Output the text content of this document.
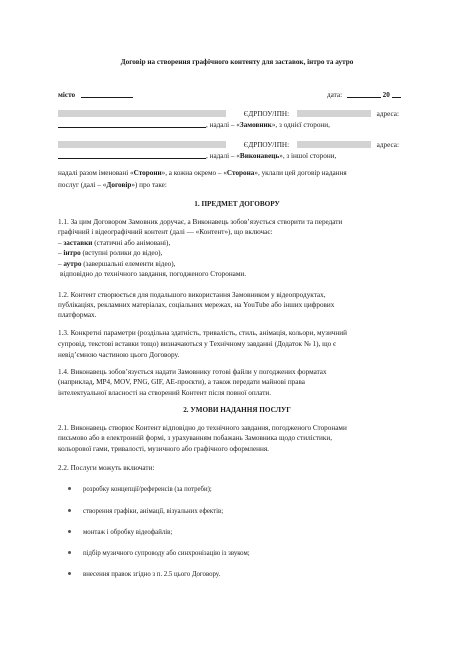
Договір на створення графічного контенту для заставок, інтро та аутро
місто	дата:	20
ЄДРПОУ/ІПН:	адреса:
, надалі – «Замовник», з однієї сторони,
ЄДРПОУ/ІПН:	адреса:
, надалі – «Виконавець», з іншої сторони,
надалі разом іменовані «Сторони», а кожна окремо – «Сторона», уклали цей договір надання
послуг (далі – «Договір») про таке:
1. ПРЕДМЕТ ДОГОВОРУ
1.1. За цим Договором Замовник доручає, а Виконавець зобов’язується створити та передати
графічний і відеографічний контент (далі — «Контент»), що включає:
– заставки (статичні або анімовані),
– інтро (вступні ролики до відео),
– аутро (завершальні елементи відео),
відповідно до технічного завдання, погодженого Сторонами.
1.2. Контент створюється для подальшого використання Замовником у відеопродуктах,
публікаціях, рекламних матеріалах, соціальних мережах, на YouTube або інших цифрових
платформах.
1.3. Конкретні параметри (роздільна здатність, тривалість, стиль, анімація, кольори, музичний
супровід, текстові вставки тощо) визначаються у Технічному завданні (Додаток № 1), що є
невід’ємною частиною цього Договору.
1.4. Виконавець зобов’язується надати Замовнику готові файли у погоджених форматах
(наприклад, MP4, MOV, PNG, GIF, AE-проєкти), а також передати майнові права
інтелектуальної власності на створений Контент після повної оплати.
2. УМОВИ НАДАННЯ ПОСЛУГ
2.1. Виконавець створює Контент відповідно до технічного завдання, погодженого Сторонами
письмово або в електронній формі, з урахуванням побажань Замовника щодо стилістики,
кольорової гами, тривалості, музичного або графічного оформлення.
2.2. Послуги можуть включати:
розробку концепції/референсів (за потреби);
створення графіки, анімації, візуальних ефектів;
монтаж і обробку відеофайлів;
підбір музичного супроводу або синхронізацію із звуком;
внесення правок згідно з п. 2.5 цього Договору.
